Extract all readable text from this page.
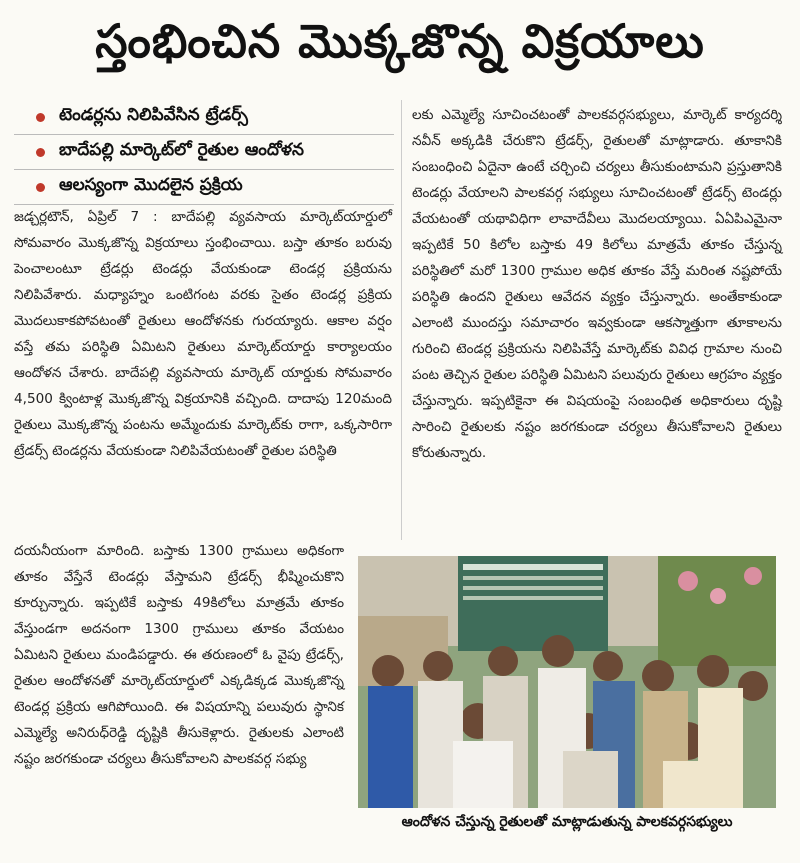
స్తంభించిన మొక్కజొన్న విక్రయాలు
టెండర్లను నిలిపివేసిన ట్రేడర్స్
బాదేపల్లి మార్కెట్‌లో రైతుల ఆందోళన
ఆలస్యంగా మొదలైన ప్రక్రియ
జడ్చర్లటౌన్, ఏప్రిల్ 7 : బాదేపల్లి వ్యవసాయ మార్కెట్‌యార్డులో సోమవారం మొక్కజొన్న విక్రయాలు స్తంభించాయి. బస్తా తూకం బరువు పెంచాలంటూ ట్రేడర్లు టెండర్లు వేయకుండా టెండర్ల ప్రక్రియను నిలిపివేశారు. మధ్యాహ్నం ఒంటిగంట వరకు సైతం టెండర్ల ప్రక్రియ మొదలుకాకపోవటంతో రైతులు ఆందోళనకు గురయ్యారు. ఆకాల వర్షం వస్తే తమ పరిస్థితి ఏమిటని రైతులు మార్కెట్‌యార్డు కార్యాలయం ఆందోళన చేశారు. బాదేపల్లి వ్యవసాయ మార్కెట్ యార్డుకు సోమవారం 4,500 క్వింటాళ్ల మొక్కజొన్న విక్రయానికి వచ్చింది. దాదాపు 120మంది రైతులు మొక్కజొన్న పంటను అమ్మేందుకు మార్కెట్‌కు రాగా, ఒక్కసారిగా ట్రేడర్స్ టెండర్లను వేయకుండా నిలిపివేయటంతో రైతుల పరిస్థితి
దయనీయంగా మారింది. బస్తాకు 1300 గ్రాములు అధికంగా తూకం వేస్తేనే టెండర్లు వేస్తామని ట్రేడర్స్ భీష్మించుకొని కూర్చున్నారు. ఇప్పటికే బస్తాకు 49కిలోలు మాత్రమే తూకం వేస్తుండగా అదనంగా 1300 గ్రాములు తూకం వేయటం ఏమిటని రైతులు మండిపడ్డారు. ఈ తరుణంలో ఓ వైపు ట్రేడర్స్, రైతుల ఆందోళనతో మార్కెట్‌యార్డులో ఎక్కడిక్కడ మొక్కజొన్న టెండర్ల ప్రక్రియ ఆగిపోయింది. ఈ విషయాన్ని పలువురు స్థానిక ఎమ్మెల్యే అనిరుధ్‌రెడ్డి దృష్టికి తీసుకెళ్లారు. రైతులకు ఎలాంటి నష్టం జరగకుండా చర్యలు తీసుకోవాలని పాలకవర్గ సభ్యు
లకు ఎమ్మెల్యే సూచించటంతో పాలకవర్గసభ్యులు, మార్కెట్ కార్యదర్శి నవీన్ అక్కడికి చేరుకొని ట్రేడర్స్, రైతులతో మాట్లాడారు. తూకానికి సంబంధించి ఏదైనా ఉంటే చర్చించి చర్యలు తీసుకుంటామని ప్రస్తుతానికి టెండర్లు వేయాలని పాలకవర్గ సభ్యులు సూచించటంతో ట్రేడర్స్ టెండర్లు వేయటంతో యథావిధిగా లావాదేవీలు మొదలయ్యాయి. ఏఏపిఎమైనా ఇప్పటికే 50 కిలోల బస్తాకు 49 కిలోలు మాత్రమే తూకం చేస్తున్న పరిస్థితిలో మరో 1300 గ్రాముల అధిక తూకం వేస్తే మరింత నష్టపోయే పరిస్థితి ఉందని రైతులు ఆవేదన వ్యక్తం చేస్తున్నారు. అంతేకాకుండా ఎలాంటి ముందస్తు సమాచారం ఇవ్వకుండా ఆకస్మాత్తుగా తూకాలను గురించి టెండర్ల ప్రక్రియను నిలిపివేస్తే మార్కెట్‌కు వివిధ గ్రామాల నుంచి పంట తెచ్చిన రైతుల పరిస్థితి ఏమిటని పలువురు రైతులు ఆగ్రహం వ్యక్తం చేస్తున్నారు. ఇప్పటికైనా ఈ విషయంపై సంబంధిత అధికారులు దృష్టి సారించి రైతులకు నష్టం జరగకుండా చర్యలు తీసుకోవాలని రైతులు కోరుతున్నారు.
ఆందోళన చేస్తున్న రైతులతో మాట్లాడుతున్న పాలకవర్గసభ్యులు
